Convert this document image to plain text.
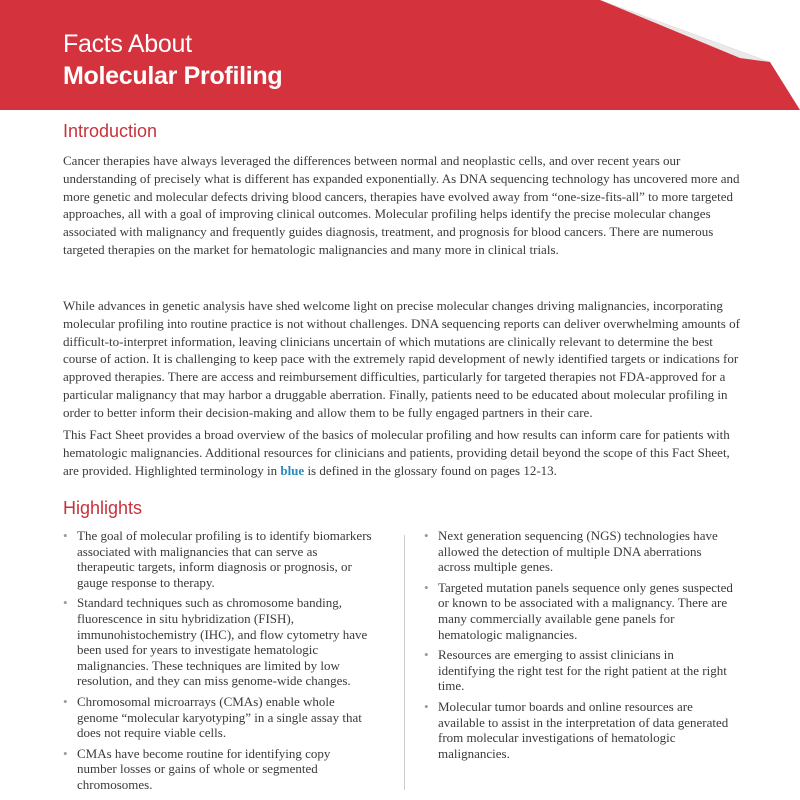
Facts About
Molecular Profiling
Introduction

Cancer therapies have always leveraged the differences between normal and neoplastic cells, and over recent years our understanding of precisely what is different has expanded exponentially. As DNA sequencing technology has uncovered more and more genetic and molecular defects driving blood cancers, therapies have evolved away from “one-size-fits-all” to more targeted approaches, all with a goal of improving clinical outcomes. Molecular profiling helps identify the precise molecular changes associated with malignancy and frequently guides diagnosis, treatment, and prognosis for blood cancers. There are numerous targeted therapies on the market for hematologic malignancies and many more in clinical trials.

While advances in genetic analysis have shed welcome light on precise molecular changes driving malignancies, incorporating molecular profiling into routine practice is not without challenges. DNA sequencing reports can deliver overwhelming amounts of difficult-to-interpret information, leaving clinicians uncertain of which mutations are clinically relevant to determine the best course of action. It is challenging to keep pace with the extremely rapid development of newly identified targets or indications for approved therapies. There are access and reimbursement difficulties, particularly for targeted therapies not FDA-approved for a particular malignancy that may harbor a druggable aberration. Finally, patients need to be educated about molecular profiling in order to better inform their decision-making and allow them to be fully engaged partners in their care.

This Fact Sheet provides a broad overview of the basics of molecular profiling and how results can inform care for patients with hematologic malignancies. Additional resources for clinicians and patients, providing detail beyond the scope of this Fact Sheet, are provided. Highlighted terminology in blue is defined in the glossary found on pages 12-13.

Highlights
• The goal of molecular profiling is to identify biomarkers associated with malignancies that can serve as therapeutic targets, inform diagnosis or prognosis, or gauge response to therapy.
• Standard techniques such as chromosome banding, fluorescence in situ hybridization (FISH), immunohistochemistry (IHC), and flow cytometry have been used for years to investigate hematologic malignancies. These techniques are limited by low resolution, and they can miss genome-wide changes.
• Chromosomal microarrays (CMAs) enable whole genome “molecular karyotyping” in a single assay that does not require viable cells.
• CMAs have become routine for identifying copy number losses or gains of whole or segmented chromosomes.
• Next generation sequencing (NGS) technologies have allowed the detection of multiple DNA aberrations across multiple genes.
• Targeted mutation panels sequence only genes suspected or known to be associated with a malignancy. There are many commercially available gene panels for hematologic malignancies.
• Resources are emerging to assist clinicians in identifying the right test for the right patient at the right time.
• Molecular tumor boards and online resources are available to assist in the interpretation of data generated from molecular investigations of hematologic malignancies.
